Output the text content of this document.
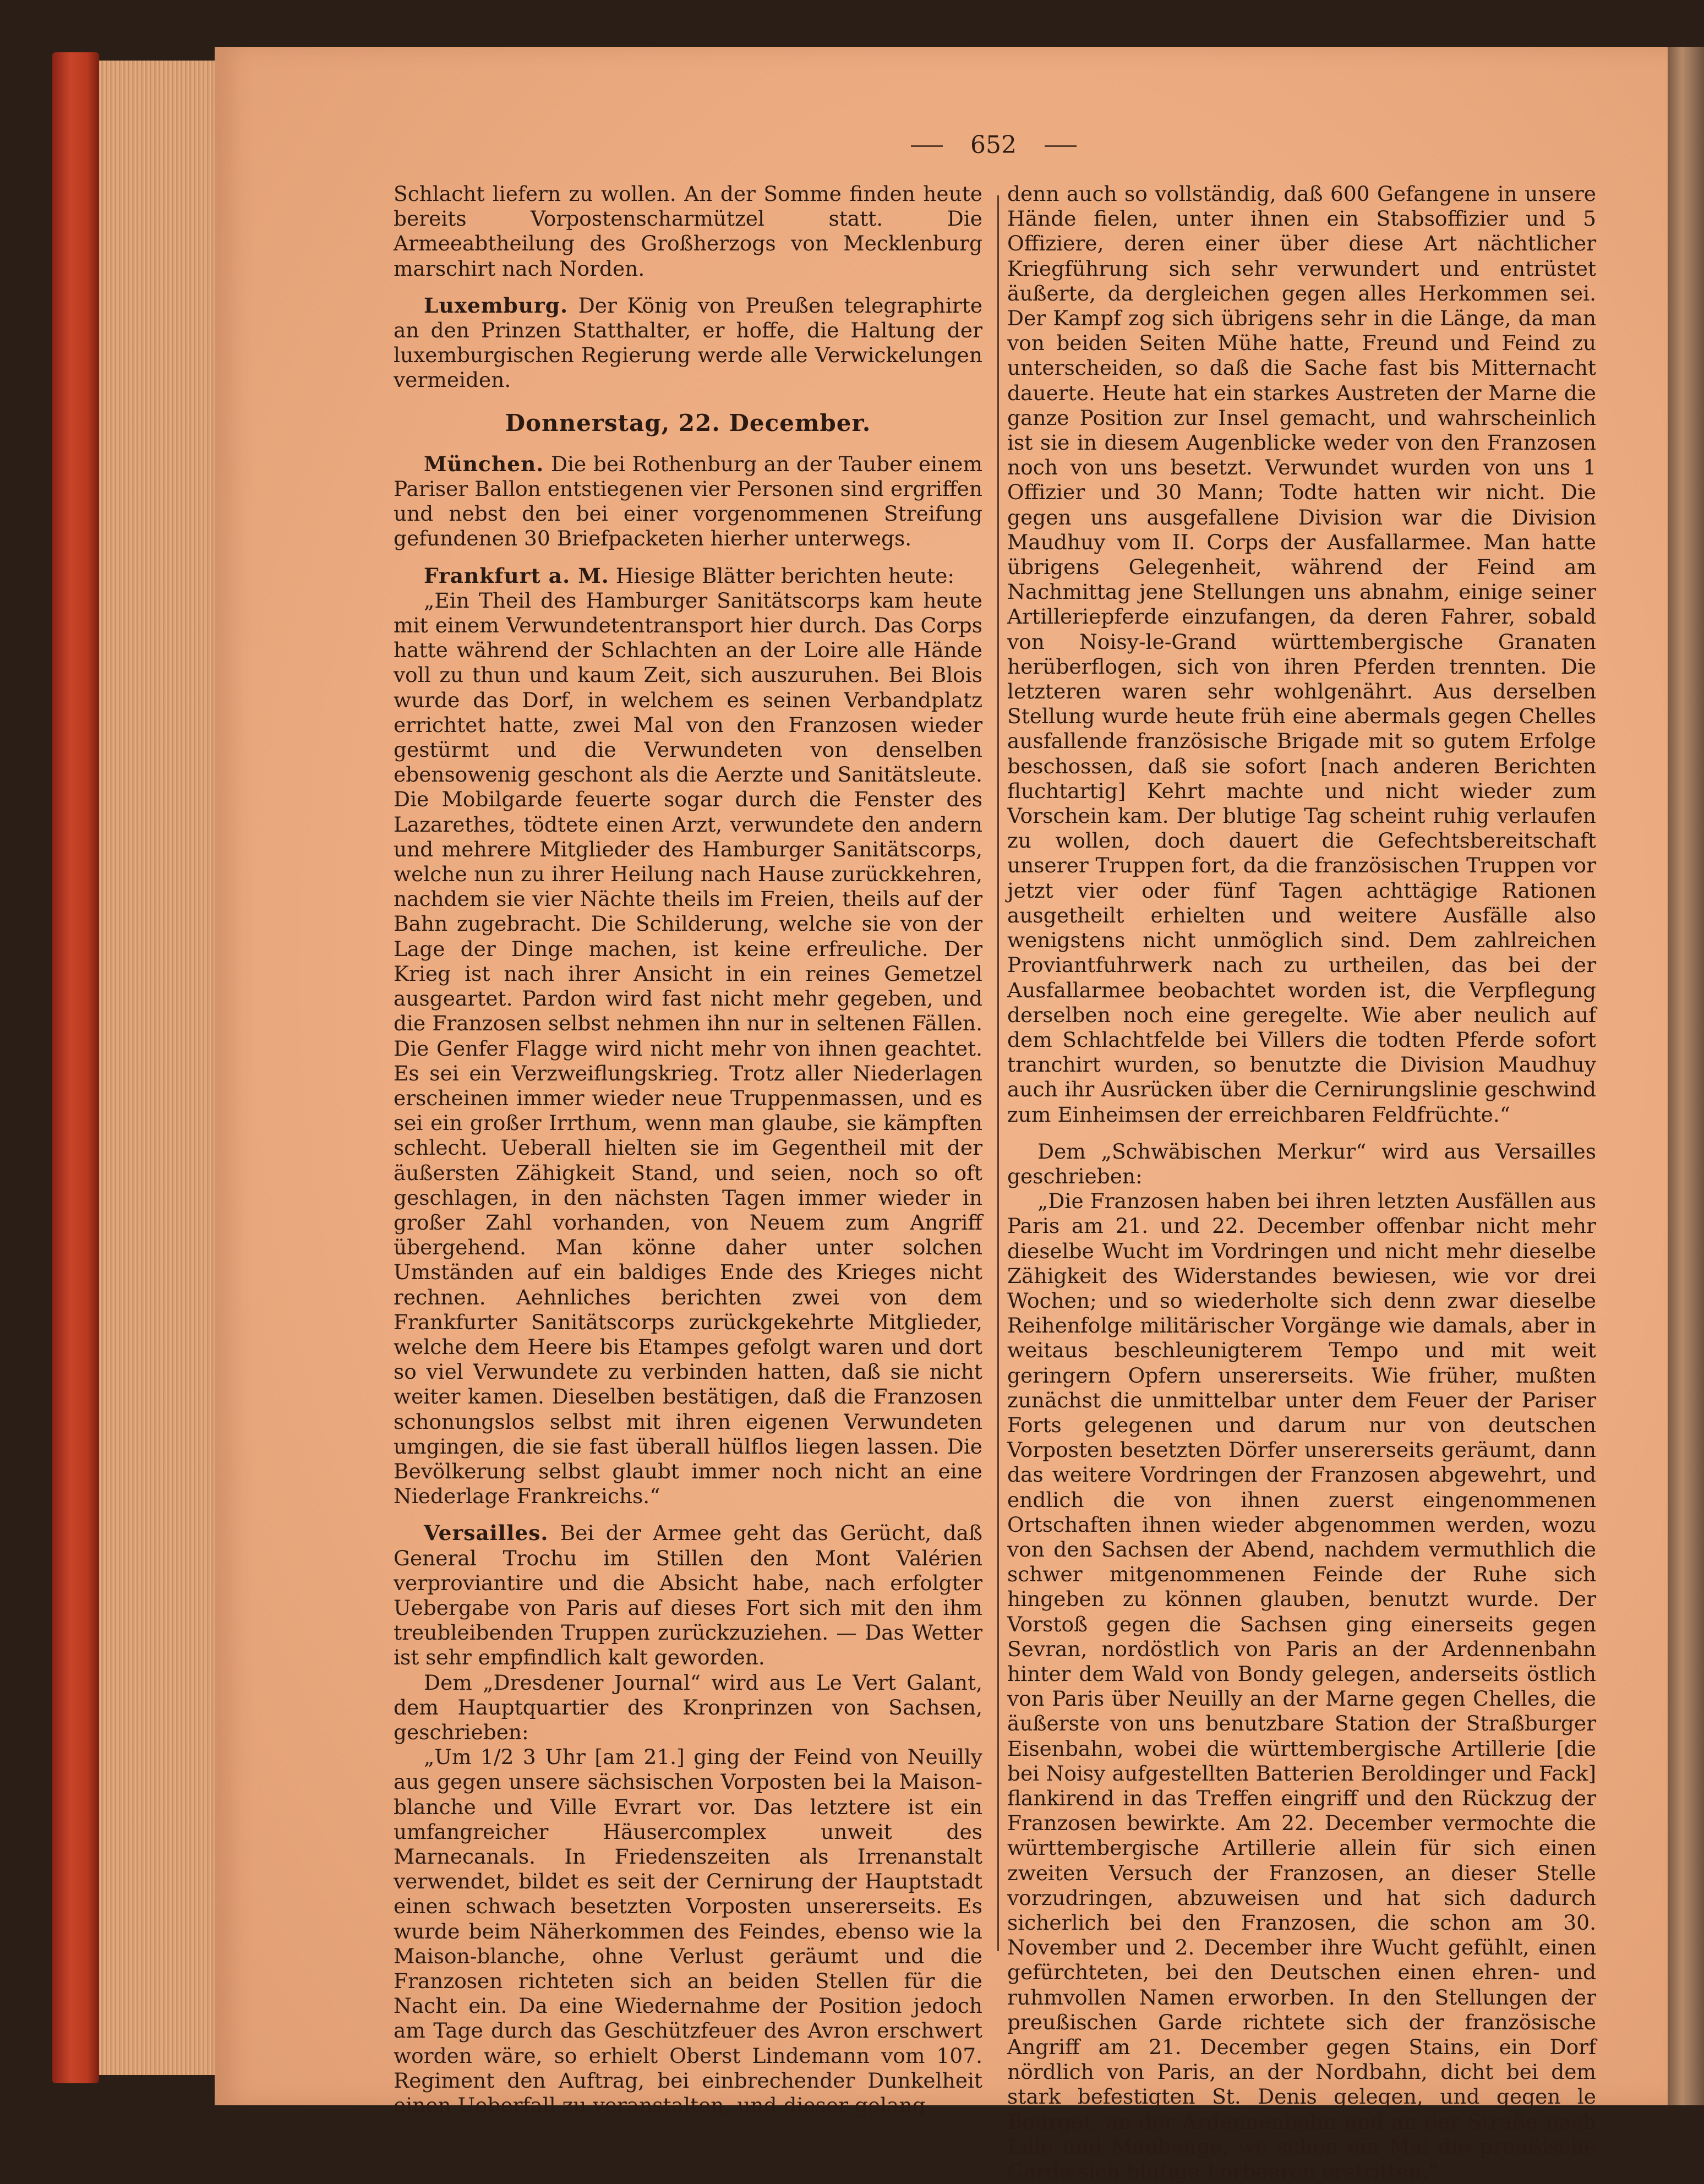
652

Schlacht liefern zu wollen. An der Somme finden heute bereits Vorpostenscharmützel statt. Die Armeeabtheilung des Großherzogs von Mecklenburg marschirt nach Norden.

Luxemburg. Der König von Preußen telegraphirte an den Prinzen Statthalter, er hoffe, die Haltung der luxemburgischen Regierung werde alle Verwickelungen vermeiden.

Donnerstag, 22. December.

München. Die bei Rothenburg an der Tauber einem Pariser Ballon entstiegenen vier Personen sind ergriffen und nebst den bei einer vorgenommenen Streifung gefundenen 30 Briefpacketen hierher unterwegs.

Frankfurt a. M. Hiesige Blätter berichten heute:

„Ein Theil des Hamburger Sanitätscorps kam heute mit einem Verwundetentransport hier durch. Das Corps hatte während der Schlachten an der Loire alle Hände voll zu thun und kaum Zeit, sich auszuruhen. Bei Blois wurde das Dorf, in welchem es seinen Verbandplatz errichtet hatte, zwei Mal von den Franzosen wieder gestürmt und die Verwundeten von denselben ebensowenig geschont als die Aerzte und Sanitätsleute. Die Mobilgarde feuerte sogar durch die Fenster des Lazarethes, tödtete einen Arzt, verwundete den andern und mehrere Mitglieder des Hamburger Sanitätscorps, welche nun zu ihrer Heilung nach Hause zurückkehren, nachdem sie vier Nächte theils im Freien, theils auf der Bahn zugebracht. Die Schilderung, welche sie von der Lage der Dinge machen, ist keine erfreuliche. Der Krieg ist nach ihrer Ansicht in ein reines Gemetzel ausgeartet. Pardon wird fast nicht mehr gegeben, und die Franzosen selbst nehmen ihn nur in seltenen Fällen. Die Genfer Flagge wird nicht mehr von ihnen geachtet. Es sei ein Verzweiflungskrieg. Trotz aller Niederlagen erscheinen immer wieder neue Truppenmassen, und es sei ein großer Irrthum, wenn man glaube, sie kämpften schlecht. Ueberall hielten sie im Gegentheil mit der äußersten Zähigkeit Stand, und seien, noch so oft geschlagen, in den nächsten Tagen immer wieder in großer Zahl vorhanden, von Neuem zum Angriff übergehend. Man könne daher unter solchen Umständen auf ein baldiges Ende des Krieges nicht rechnen. Aehnliches berichten zwei von dem Frankfurter Sanitätscorps zurückgekehrte Mitglieder, welche dem Heere bis Etampes gefolgt waren und dort so viel Verwundete zu verbinden hatten, daß sie nicht weiter kamen. Dieselben bestätigen, daß die Franzosen schonungslos selbst mit ihren eigenen Verwundeten umgingen, die sie fast überall hülflos liegen lassen. Die Bevölkerung selbst glaubt immer noch nicht an eine Niederlage Frankreichs.“

Versailles. Bei der Armee geht das Gerücht, daß General Trochu im Stillen den Mont Valérien verproviantire und die Absicht habe, nach erfolgter Uebergabe von Paris auf dieses Fort sich mit den ihm treubleibenden Truppen zurückzuziehen. — Das Wetter ist sehr empfindlich kalt geworden.

Dem „Dresdener Journal“ wird aus Le Vert Galant, dem Hauptquartier des Kronprinzen von Sachsen, geschrieben:

„Um 1/2 3 Uhr [am 21.] ging der Feind von Neuilly aus gegen unsere sächsischen Vorposten bei la Maison-blanche und Ville Evrart vor. Das letztere ist ein umfangreicher Häusercomplex unweit des Marnecanals. In Friedenszeiten als Irrenanstalt verwendet, bildet es seit der Cernirung der Hauptstadt einen schwach besetzten Vorposten unsererseits. Es wurde beim Näherkommen des Feindes, ebenso wie la Maison-blanche, ohne Verlust geräumt und die Franzosen richteten sich an beiden Stellen für die Nacht ein. Da eine Wiedernahme der Position jedoch am Tage durch das Geschützfeuer des Avron erschwert worden wäre, so erhielt Oberst Lindemann vom 107. Regiment den Auftrag, bei einbrechender Dunkelheit einen Ueberfall zu veranstalten, und dieser gelang

denn auch so vollständig, daß 600 Gefangene in unsere Hände fielen, unter ihnen ein Stabsoffizier und 5 Offiziere, deren einer über diese Art nächtlicher Kriegführung sich sehr verwundert und entrüstet äußerte, da dergleichen gegen alles Herkommen sei. Der Kampf zog sich übrigens sehr in die Länge, da man von beiden Seiten Mühe hatte, Freund und Feind zu unterscheiden, so daß die Sache fast bis Mitternacht dauerte. Heute hat ein starkes Austreten der Marne die ganze Position zur Insel gemacht, und wahrscheinlich ist sie in diesem Augenblicke weder von den Franzosen noch von uns besetzt. Verwundet wurden von uns 1 Offizier und 30 Mann; Todte hatten wir nicht. Die gegen uns ausgefallene Division war die Division Maudhuy vom II. Corps der Ausfallarmee. Man hatte übrigens Gelegenheit, während der Feind am Nachmittag jene Stellungen uns abnahm, einige seiner Artilleriepferde einzufangen, da deren Fahrer, sobald von Noisy-le-Grand württembergische Granaten herüberflogen, sich von ihren Pferden trennten. Die letzteren waren sehr wohlgenährt. Aus derselben Stellung wurde heute früh eine abermals gegen Chelles ausfallende französische Brigade mit so gutem Erfolge beschossen, daß sie sofort [nach anderen Berichten fluchtartig] Kehrt machte und nicht wieder zum Vorschein kam. Der blutige Tag scheint ruhig verlaufen zu wollen, doch dauert die Gefechtsbereitschaft unserer Truppen fort, da die französischen Truppen vor jetzt vier oder fünf Tagen achttägige Rationen ausgetheilt erhielten und weitere Ausfälle also wenigstens nicht unmöglich sind. Dem zahlreichen Proviantfuhrwerk nach zu urtheilen, das bei der Ausfallarmee beobachtet worden ist, die Verpflegung derselben noch eine geregelte. Wie aber neulich auf dem Schlachtfelde bei Villers die todten Pferde sofort tranchirt wurden, so benutzte die Division Maudhuy auch ihr Ausrücken über die Cernirungslinie geschwind zum Einheimsen der erreichbaren Feldfrüchte.“

Dem „Schwäbischen Merkur“ wird aus Versailles geschrieben:

„Die Franzosen haben bei ihren letzten Ausfällen aus Paris am 21. und 22. December offenbar nicht mehr dieselbe Wucht im Vordringen und nicht mehr dieselbe Zähigkeit des Widerstandes bewiesen, wie vor drei Wochen; und so wiederholte sich denn zwar dieselbe Reihenfolge militärischer Vorgänge wie damals, aber in weitaus beschleunigterem Tempo und mit weit geringern Opfern unsererseits. Wie früher, mußten zunächst die unmittelbar unter dem Feuer der Pariser Forts gelegenen und darum nur von deutschen Vorposten besetzten Dörfer unsererseits geräumt, dann das weitere Vordringen der Franzosen abgewehrt, und endlich die von ihnen zuerst eingenommenen Ortschaften ihnen wieder abgenommen werden, wozu von den Sachsen der Abend, nachdem vermuthlich die schwer mitgenommenen Feinde der Ruhe sich hingeben zu können glauben, benutzt wurde. Der Vorstoß gegen die Sachsen ging einerseits gegen Sevran, nordöstlich von Paris an der Ardennenbahn hinter dem Wald von Bondy gelegen, anderseits östlich von Paris über Neuilly an der Marne gegen Chelles, die äußerste von uns benutzbare Station der Straßburger Eisenbahn, wobei die württembergische Artillerie [die bei Noisy aufgestellten Batterien Beroldinger und Fack] flankirend in das Treffen eingriff und den Rückzug der Franzosen bewirkte. Am 22. December vermochte die württembergische Artillerie allein für sich einen zweiten Versuch der Franzosen, an dieser Stelle vorzudringen, abzuweisen und hat sich dadurch sicherlich bei den Franzosen, die schon am 30. November und 2. December ihre Wucht gefühlt, einen gefürchteten, bei den Deutschen einen ehren- und ruhmvollen Namen erworben. In den Stellungen der preußischen Garde richtete sich der französische Angriff am 21. December gegen Stains, ein Dorf nördlich von Paris, an der Nordbahn, dicht bei dem stark befestigten St. Denis gelegen, und gegen le Bourget, an der Ardennenbahn und an der Straße nach Lille und Maubeuge, wo schon ein Mal die preußische Garde sich blutige Lorbeeren erstritten.“
